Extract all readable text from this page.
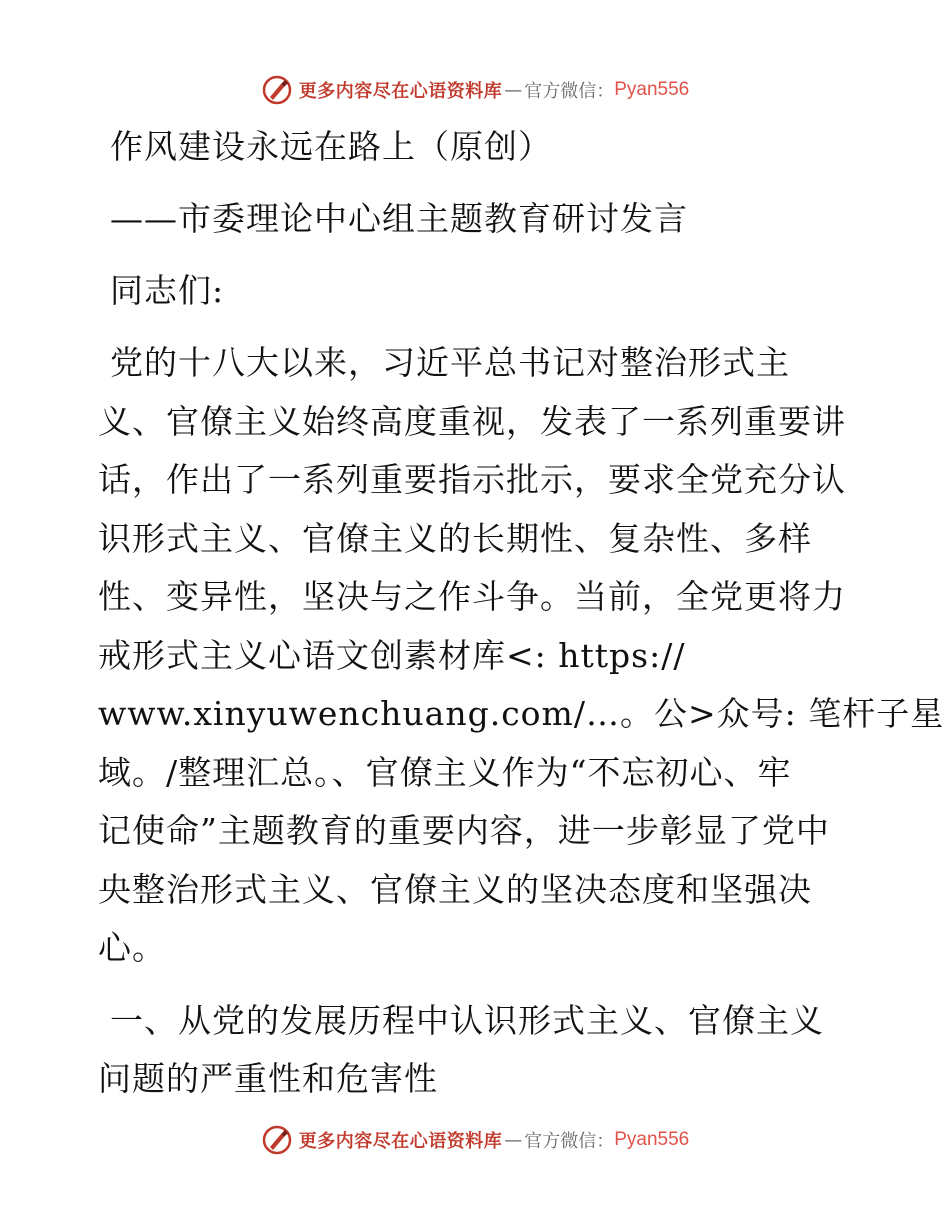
更多内容尽在心语资料库 — 官方微信： Pyan556
作风建设永远在路上（原创）
——市委理论中心组主题教育研讨发言
同志们:
党的十八大以来，习近平总书记对整治形式主
义、官僚主义始终高度重视，发表了一系列重要讲
话，作出了一系列重要指示批示，要求全党充分认
识形式主义、官僚主义的长期性、复杂性、多样
性、变异性，坚决与之作斗争。当前，全党更将力
戒形式主义心语文创素材库<: https://
www.xinyuwenchuang.com/…。公>众号: 笔杆子星
域。/整理汇总。、官僚主义作为“不忘初心、牢
记使命”主题教育的重要内容，进一步彰显了党中
央整治形式主义、官僚主义的坚决态度和坚强决
心。
一、从党的发展历程中认识形式主义、官僚主义
问题的严重性和危害性
更多内容尽在心语资料库 — 官方微信： Pyan556
